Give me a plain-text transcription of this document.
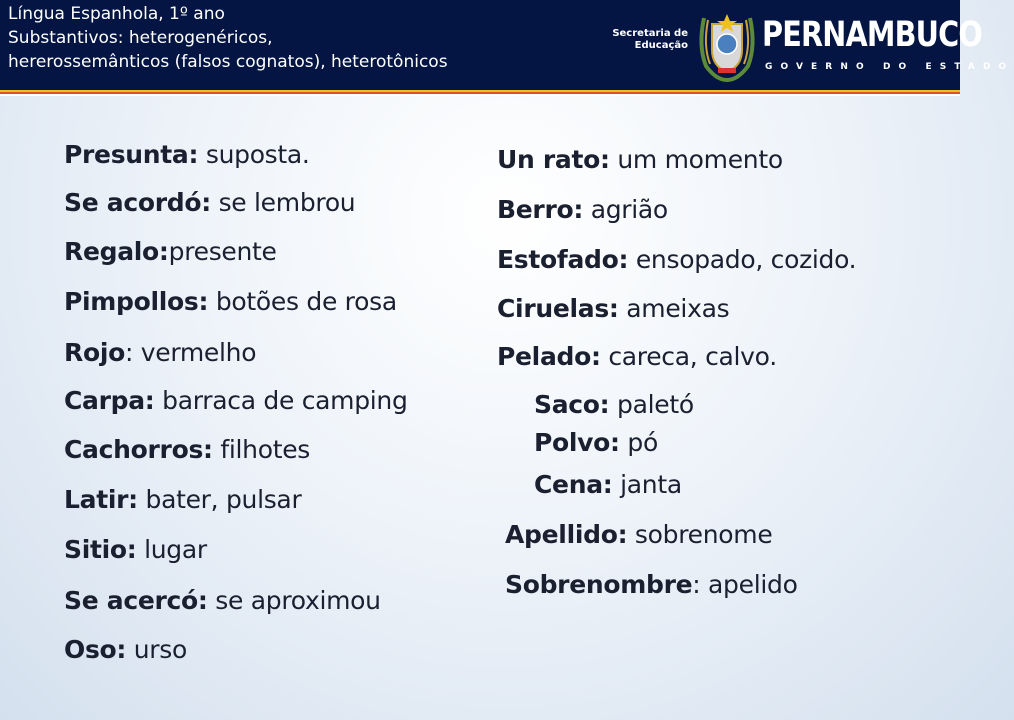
Língua Espanhola, 1º ano
Substantivos: heterogenéricos,
hererossemânticos (falsos cognatos), heterotônicos
Secretaria de
Educação PERNAMBUCO
GOVERNO DO ESTADO
Presunta: suposta.
Se acordó: se lembrou
Regalo:presente
Pimpollos: botões de rosa
Rojo: vermelho
Carpa: barraca de camping
Cachorros: filhotes
Latir: bater, pulsar
Sitio: lugar
Se acercó: se aproximou
Oso: urso
Un rato: um momento
Berro: agrião
Estofado: ensopado, cozido.
Ciruelas: ameixas
Pelado: careca, calvo.
Saco: paletó
Polvo: pó
Cena: janta
Apellido: sobrenome
Sobrenombre: apelido
